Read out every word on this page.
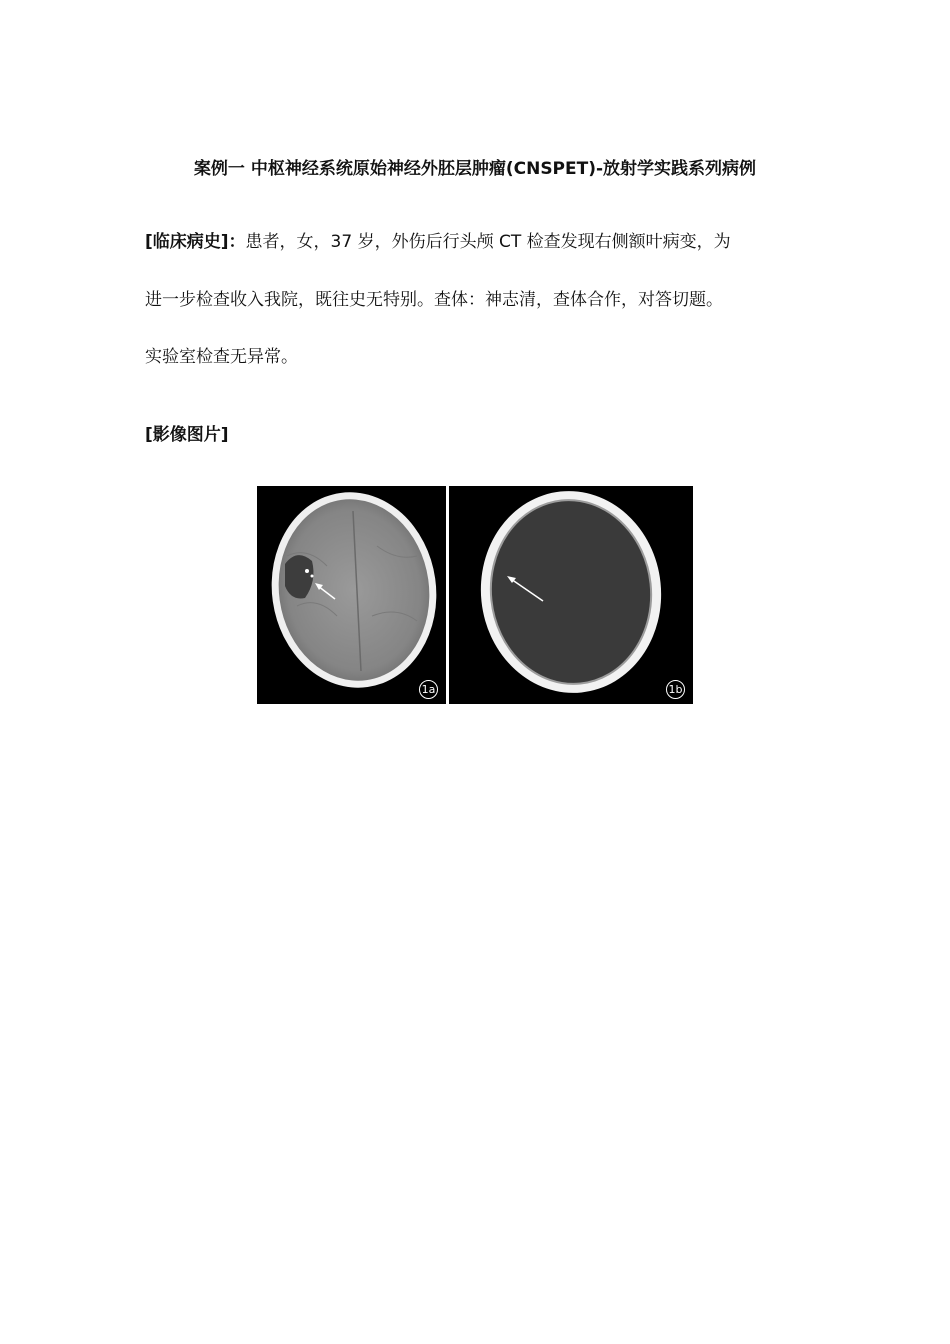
案例一 中枢神经系统原始神经外胚层肿瘤(CNSPET)-放射学实践系列病例
[临床病史]：患者，女，37 岁，外伤后行头颅 CT 检查发现右侧额叶病变，为
进一步检查收入我院，既往史无特别。查体：神志清，查体合作，对答切题。
实验室检查无异常。
[影像图片]
1a	1b
